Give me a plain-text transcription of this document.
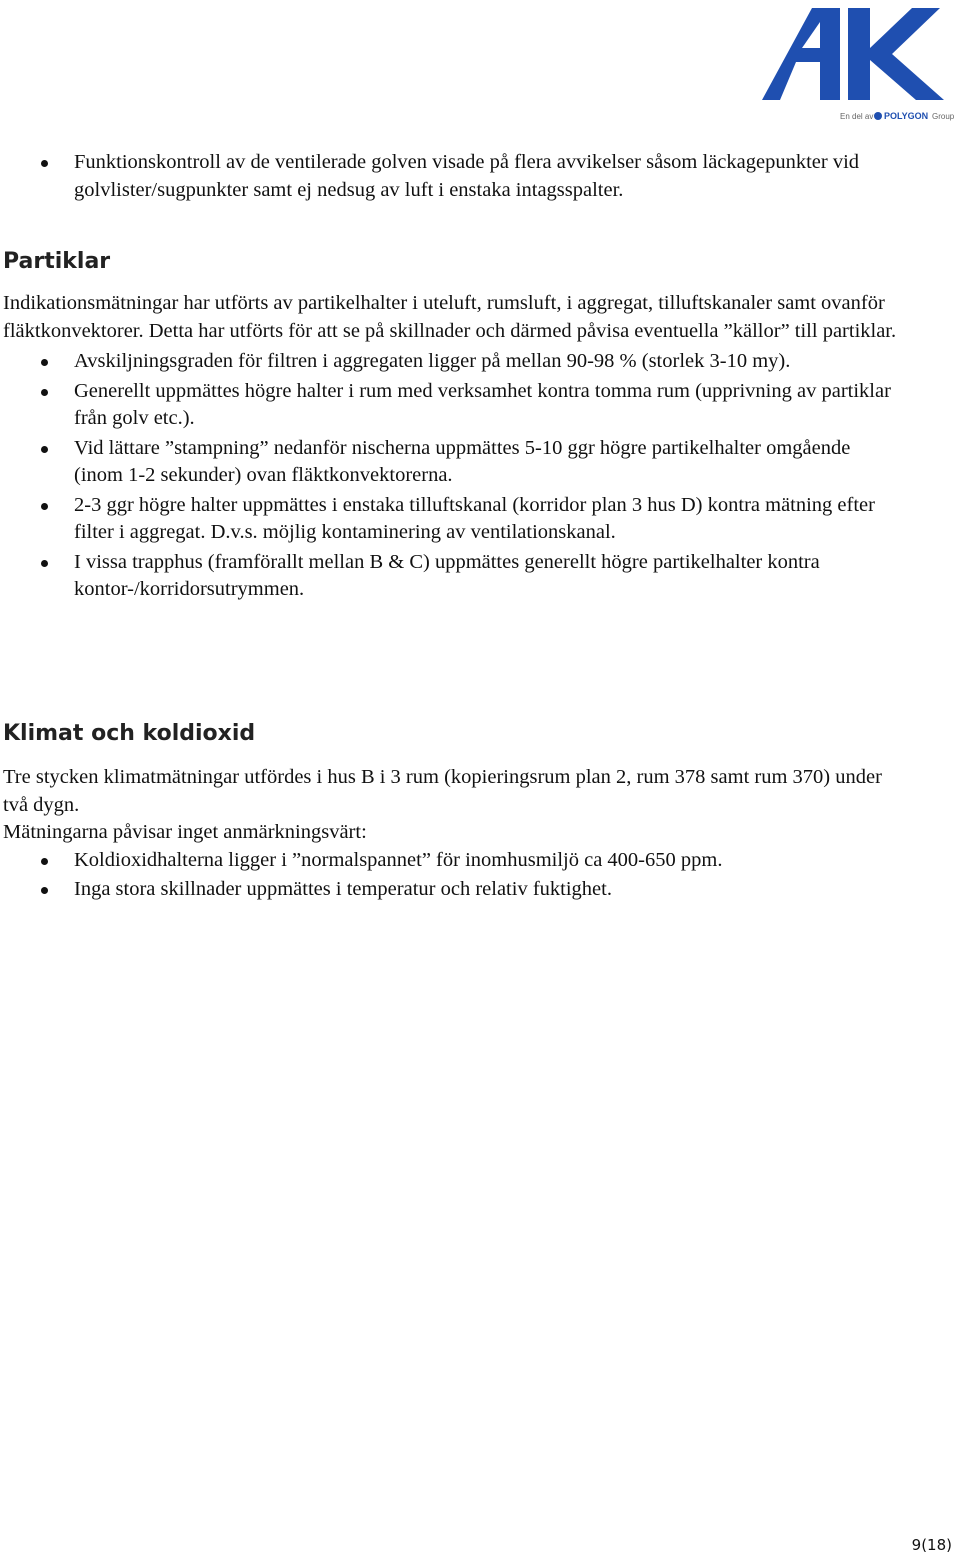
En del av POLYGON Group
Funktionskontroll av de ventilerade golven visade på flera avvikelser såsom läckagepunkter vid golvlister/sugpunkter samt ej nedsug av luft i enstaka intagsspalter.
Partiklar

Indikationsmätningar har utförts av partikelhalter i uteluft, rumsluft, i aggregat, tilluftskanaler samt ovanför fläktkonvektorer. Detta har utförts för att se på skillnader och därmed påvisa eventuella ”källor” till partiklar.

Avskiljningsgraden för filtren i aggregaten ligger på mellan 90-98 % (storlek 3-10 my).
Generellt uppmättes högre halter i rum med verksamhet kontra tomma rum (upprivning av partiklar från golv etc.).
Vid lättare ”stampning” nedanför nischerna uppmättes 5-10 ggr högre partikelhalter omgående (inom 1-2 sekunder) ovan fläktkonvektorerna.
2-3 ggr högre halter uppmättes i enstaka tilluftskanal (korridor plan 3 hus D) kontra mätning efter filter i aggregat. D.v.s. möjlig kontaminering av ventilationskanal.
I vissa trapphus (framförallt mellan B & C) uppmättes generellt högre partikelhalter kontra kontor-/korridorsutrymmen.
Klimat och koldioxid

Tre stycken klimatmätningar utfördes i hus B i 3 rum (kopieringsrum plan 2, rum 378 samt rum 370) under två dygn.

Mätningarna påvisar inget anmärkningsvärt:

Koldioxidhalterna ligger i ”normalspannet” för inomhusmiljö ca 400-650 ppm.
Inga stora skillnader uppmättes i temperatur och relativ fuktighet.
9(18)
